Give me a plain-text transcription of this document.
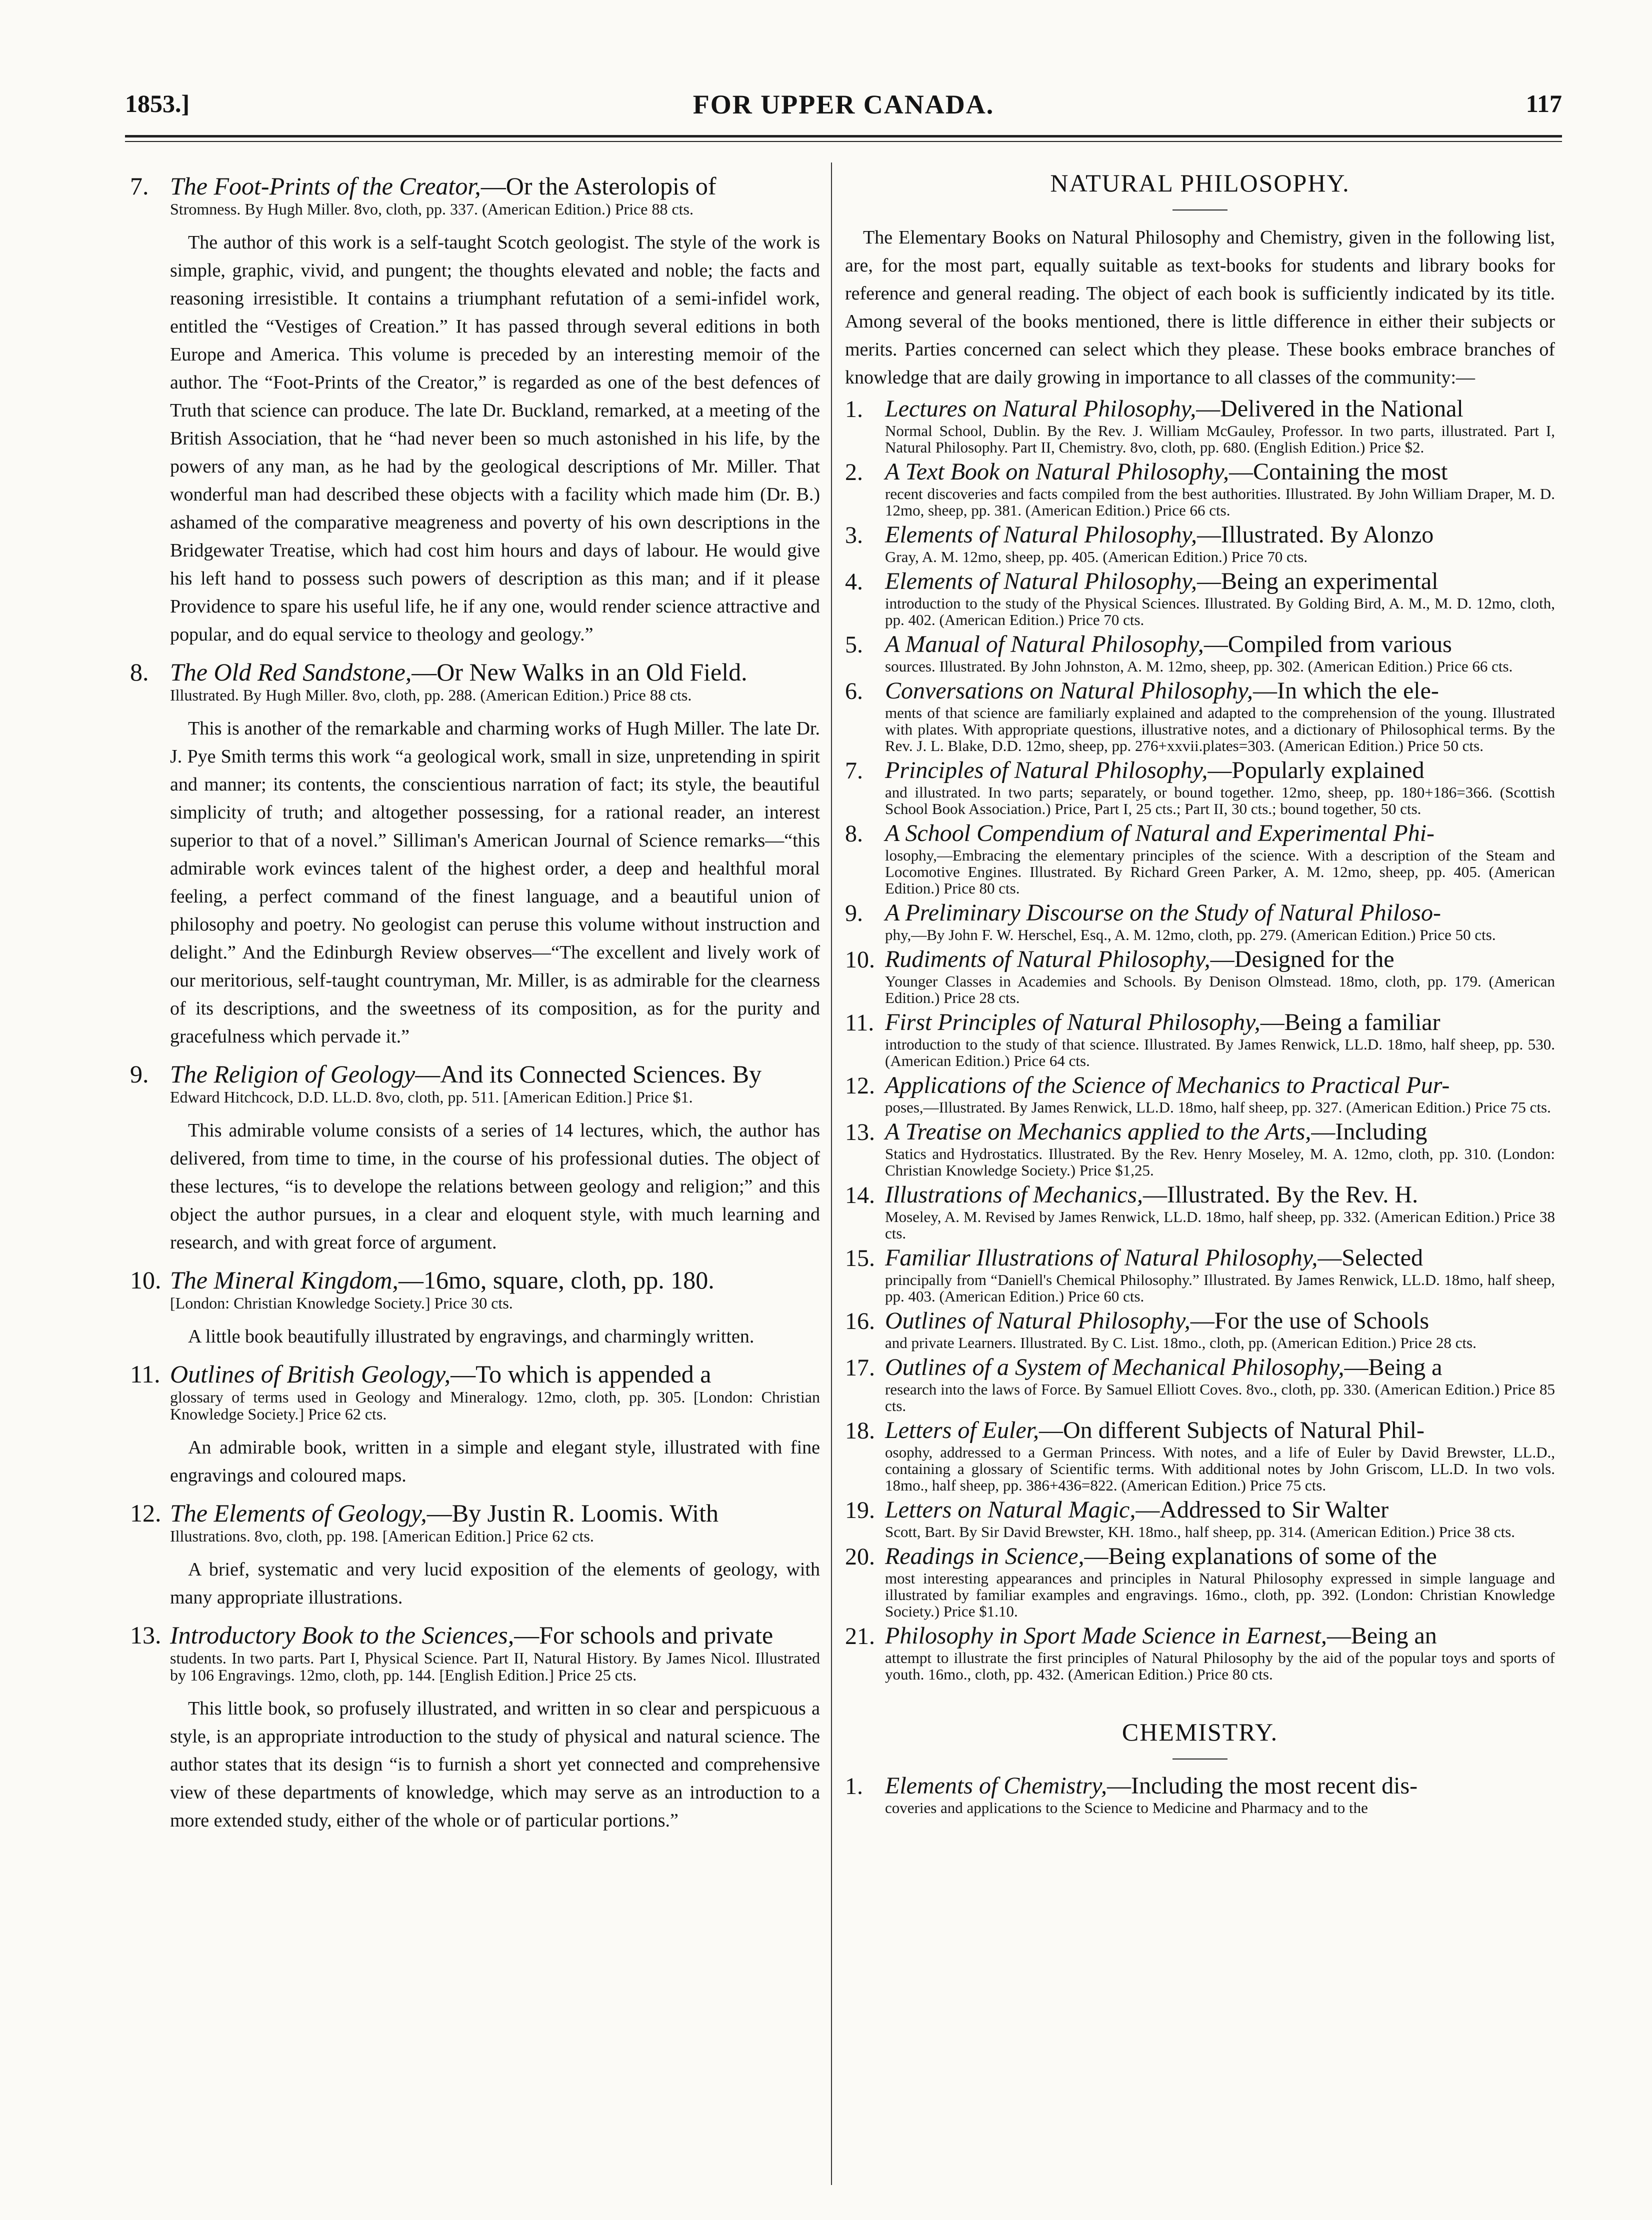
1853.]	FOR UPPER CANADA.	117
7. The Foot-Prints of the Creator,—Or the Asterolopis of
Stromness. By Hugh Miller. 8vo, cloth, pp. 337. (American Edition.) Price 88 cts.
The author of this work is a self-taught Scotch geologist. The style of the work is simple, graphic, vivid, and pungent; the thoughts elevated and noble; the facts and reasoning irresistible. It contains a triumphant refutation of a semi-infidel work, entitled the “Vestiges of Creation.” It has passed through several editions in both Europe and America. This volume is preceded by an interesting memoir of the author. The “Foot-Prints of the Creator,” is regarded as one of the best defences of Truth that science can produce. The late Dr. Buckland, remarked, at a meeting of the British Association, that he “had never been so much astonished in his life, by the powers of any man, as he had by the geological descriptions of Mr. Miller. That wonderful man had described these objects with a facility which made him (Dr. B.) ashamed of the comparative meagreness and poverty of his own descriptions in the Bridgewater Treatise, which had cost him hours and days of labour. He would give his left hand to possess such powers of description as this man; and if it please Providence to spare his useful life, he if any one, would render science attractive and popular, and do equal service to theology and geology.”
8. The Old Red Sandstone,—Or New Walks in an Old Field.
Illustrated. By Hugh Miller. 8vo, cloth, pp. 288. (American Edition.) Price 88 cts.
This is another of the remarkable and charming works of Hugh Miller. The late Dr. J. Pye Smith terms this work “a geological work, small in size, unpretending in spirit and manner; its contents, the conscientious narration of fact; its style, the beautiful simplicity of truth; and altogether possessing, for a rational reader, an interest superior to that of a novel.” Silliman's American Journal of Science remarks—“this admirable work evinces talent of the highest order, a deep and healthful moral feeling, a perfect command of the finest language, and a beautiful union of philosophy and poetry. No geologist can peruse this volume without instruction and delight.” And the Edinburgh Review observes—“The excellent and lively work of our meritorious, self-taught countryman, Mr. Miller, is as admirable for the clearness of its descriptions, and the sweetness of its composition, as for the purity and gracefulness which pervade it.”
9. The Religion of Geology—And its Connected Sciences. By
Edward Hitchcock, D.D. LL.D. 8vo, cloth, pp. 511. [American Edition.] Price $1.
This admirable volume consists of a series of 14 lectures, which, the author has delivered, from time to time, in the course of his professional duties. The object of these lectures, “is to develope the relations between geology and religion;” and this object the author pursues, in a clear and eloquent style, with much learning and research, and with great force of argument.
10. The Mineral Kingdom,—16mo, square, cloth, pp. 180.
[London: Christian Knowledge Society.] Price 30 cts.
A little book beautifully illustrated by engravings, and charmingly written.
11. Outlines of British Geology,—To which is appended a
glossary of terms used in Geology and Mineralogy. 12mo, cloth, pp. 305. [London: Christian Knowledge Society.] Price 62 cts.
An admirable book, written in a simple and elegant style, illustrated with fine engravings and coloured maps.
12. The Elements of Geology,—By Justin R. Loomis. With
Illustrations. 8vo, cloth, pp. 198. [American Edition.] Price 62 cts.
A brief, systematic and very lucid exposition of the elements of geology, with many appropriate illustrations.
13. Introductory Book to the Sciences,—For schools and private
students. In two parts. Part I, Physical Science. Part II, Natural History. By James Nicol. Illustrated by 106 Engravings. 12mo, cloth, pp. 144. [English Edition.] Price 25 cts.
This little book, so profusely illustrated, and written in so clear and perspicuous a style, is an appropriate introduction to the study of physical and natural science. The author states that its design “is to furnish a short yet connected and comprehensive view of these departments of knowledge, which may serve as an introduction to a more extended study, either of the whole or of particular portions.”
NATURAL PHILOSOPHY.
The Elementary Books on Natural Philosophy and Chemistry, given in the following list, are, for the most part, equally suitable as text-books for students and library books for reference and general reading. The object of each book is sufficiently indicated by its title. Among several of the books mentioned, there is little difference in either their subjects or merits. Parties concerned can select which they please. These books embrace branches of knowledge that are daily growing in importance to all classes of the community:—
1. Lectures on Natural Philosophy,—Delivered in the National
Normal School, Dublin. By the Rev. J. William McGauley, Professor. In two parts, illustrated. Part I, Natural Philosophy. Part II, Chemistry. 8vo, cloth, pp. 680. (English Edition.) Price $2.
2. A Text Book on Natural Philosophy,—Containing the most
recent discoveries and facts compiled from the best authorities. Illustrated. By John William Draper, M. D. 12mo, sheep, pp. 381. (American Edition.) Price 66 cts.
3. Elements of Natural Philosophy,—Illustrated. By Alonzo
Gray, A. M. 12mo, sheep, pp. 405. (American Edition.) Price 70 cts.
4. Elements of Natural Philosophy,—Being an experimental
introduction to the study of the Physical Sciences. Illustrated. By Golding Bird, A. M., M. D. 12mo, cloth, pp. 402. (American Edition.) Price 70 cts.
5. A Manual of Natural Philosophy,—Compiled from various
sources. Illustrated. By John Johnston, A. M. 12mo, sheep, pp. 302. (American Edition.) Price 66 cts.
6. Conversations on Natural Philosophy,—In which the ele-
ments of that science are familiarly explained and adapted to the comprehension of the young. Illustrated with plates. With appropriate questions, illustrative notes, and a dictionary of Philosophical terms. By the Rev. J. L. Blake, D.D. 12mo, sheep, pp. 276+xxvii.plates=303. (American Edition.) Price 50 cts.
7. Principles of Natural Philosophy,—Popularly explained
and illustrated. In two parts; separately, or bound together. 12mo, sheep, pp. 180+186=366. (Scottish School Book Association.) Price, Part I, 25 cts.; Part II, 30 cts.; bound together, 50 cts.
8. A School Compendium of Natural and Experimental Phi-
losophy,—Embracing the elementary principles of the science. With a description of the Steam and Locomotive Engines. Illustrated. By Richard Green Parker, A. M. 12mo, sheep, pp. 405. (American Edition.) Price 80 cts.
9. A Preliminary Discourse on the Study of Natural Philoso-
phy,—By John F. W. Herschel, Esq., A. M. 12mo, cloth, pp. 279. (American Edition.) Price 50 cts.
10. Rudiments of Natural Philosophy,—Designed for the
Younger Classes in Academies and Schools. By Denison Olmstead. 18mo, cloth, pp. 179. (American Edition.) Price 28 cts.
11. First Principles of Natural Philosophy,—Being a familiar
introduction to the study of that science. Illustrated. By James Renwick, LL.D. 18mo, half sheep, pp. 530. (American Edition.) Price 64 cts.
12. Applications of the Science of Mechanics to Practical Pur-
poses,—Illustrated. By James Renwick, LL.D. 18mo, half sheep, pp. 327. (American Edition.) Price 75 cts.
13. A Treatise on Mechanics applied to the Arts,—Including
Statics and Hydrostatics. Illustrated. By the Rev. Henry Moseley, M. A. 12mo, cloth, pp. 310. (London: Christian Knowledge Society.) Price $1,25.
14. Illustrations of Mechanics,—Illustrated. By the Rev. H.
Moseley, A. M. Revised by James Renwick, LL.D. 18mo, half sheep, pp. 332. (American Edition.) Price 38 cts.
15. Familiar Illustrations of Natural Philosophy,—Selected
principally from “Daniell's Chemical Philosophy.” Illustrated. By James Renwick, LL.D. 18mo, half sheep, pp. 403. (American Edition.) Price 60 cts.
16. Outlines of Natural Philosophy,—For the use of Schools
and private Learners. Illustrated. By C. List. 18mo., cloth, pp. (American Edition.) Price 28 cts.
17. Outlines of a System of Mechanical Philosophy,—Being a
research into the laws of Force. By Samuel Elliott Coves. 8vo., cloth, pp. 330. (American Edition.) Price 85 cts.
18. Letters of Euler,—On different Subjects of Natural Phil-
osophy, addressed to a German Princess. With notes, and a life of Euler by David Brewster, LL.D., containing a glossary of Scientific terms. With additional notes by John Griscom, LL.D. In two vols. 18mo., half sheep, pp. 386+436=822. (American Edition.) Price 75 cts.
19. Letters on Natural Magic,—Addressed to Sir Walter
Scott, Bart. By Sir David Brewster, KH. 18mo., half sheep, pp. 314. (American Edition.) Price 38 cts.
20. Readings in Science,—Being explanations of some of the
most interesting appearances and principles in Natural Philosophy expressed in simple language and illustrated by familiar examples and engravings. 16mo., cloth, pp. 392. (London: Christian Knowledge Society.) Price $1.10.
21. Philosophy in Sport Made Science in Earnest,—Being an
attempt to illustrate the first principles of Natural Philosophy by the aid of the popular toys and sports of youth. 16mo., cloth, pp. 432. (American Edition.) Price 80 cts.
CHEMISTRY.
1. Elements of Chemistry,—Including the most recent dis-
coveries and applications to the Science to Medicine and Pharmacy and to the
